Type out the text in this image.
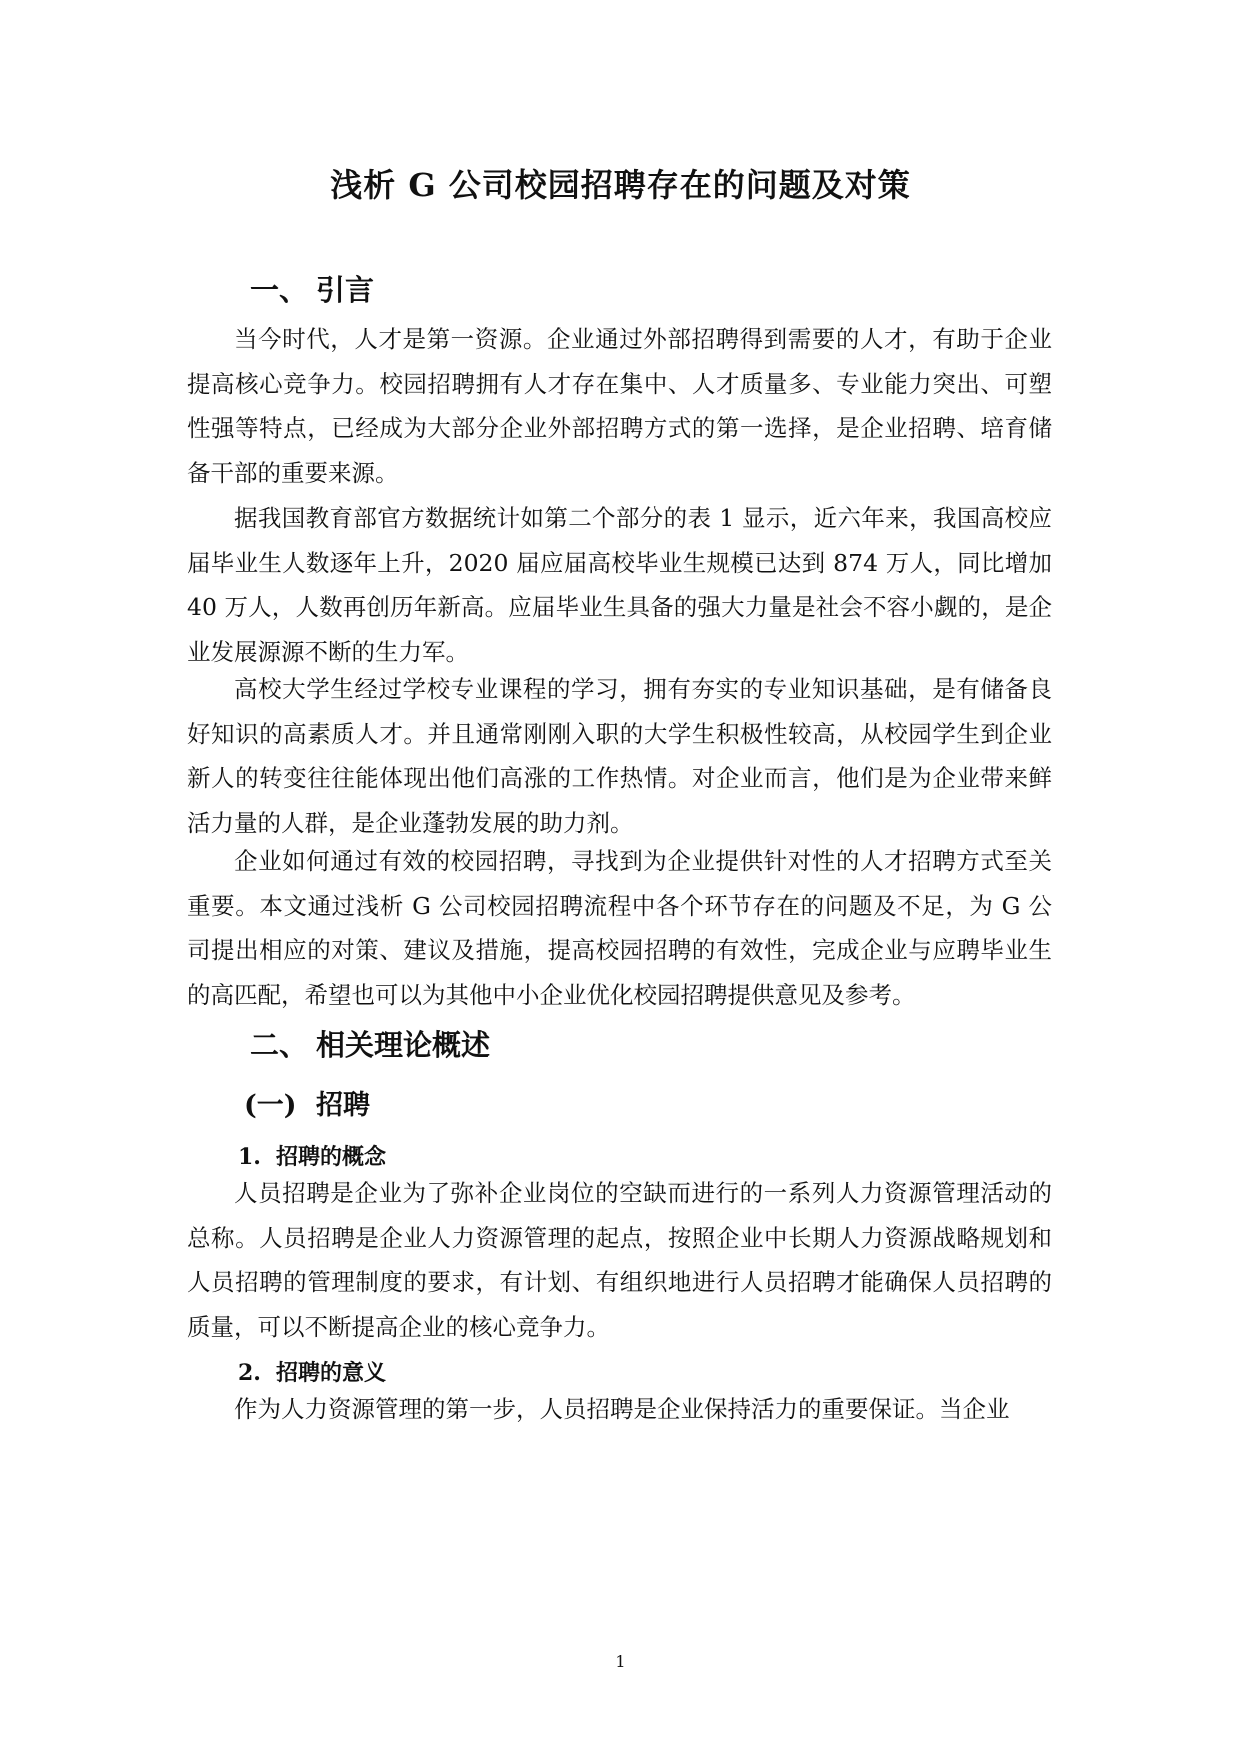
浅析 G 公司校园招聘存在的问题及对策
一、 引言

当今时代，人才是第一资源。企业通过外部招聘得到需要的人才，有助于企业提高核心竞争力。校园招聘拥有人才存在集中、人才质量多、专业能力突出、可塑性强等特点，已经成为大部分企业外部招聘方式的第一选择，是企业招聘、培育储备干部的重要来源。

据我国教育部官方数据统计如第二个部分的表 1 显示，近六年来，我国高校应届毕业生人数逐年上升，2020 届应届高校毕业生规模已达到 874 万人，同比增加 40 万人，人数再创历年新高。应届毕业生具备的强大力量是社会不容小觑的，是企业发展源源不断的生力军。

高校大学生经过学校专业课程的学习，拥有夯实的专业知识基础，是有储备良好知识的高素质人才。并且通常刚刚入职的大学生积极性较高，从校园学生到企业新人的转变往往能体现出他们高涨的工作热情。对企业而言，他们是为企业带来鲜活力量的人群，是企业蓬勃发展的助力剂。

企业如何通过有效的校园招聘，寻找到为企业提供针对性的人才招聘方式至关重要。本文通过浅析 G 公司校园招聘流程中各个环节存在的问题及不足，为 G 公司提出相应的对策、建议及措施，提高校园招聘的有效性，完成企业与应聘毕业生的高匹配，希望也可以为其他中小企业优化校园招聘提供意见及参考。

二、 相关理论概述
(一) 招聘
1. 招聘的概念

人员招聘是企业为了弥补企业岗位的空缺而进行的一系列人力资源管理活动的总称。人员招聘是企业人力资源管理的起点，按照企业中长期人力资源战略规划和人员招聘的管理制度的要求，有计划、有组织地进行人员招聘才能确保人员招聘的质量，可以不断提高企业的核心竞争力。

2. 招聘的意义

作为人力资源管理的第一步，人员招聘是企业保持活力的重要保证。当企业

1
